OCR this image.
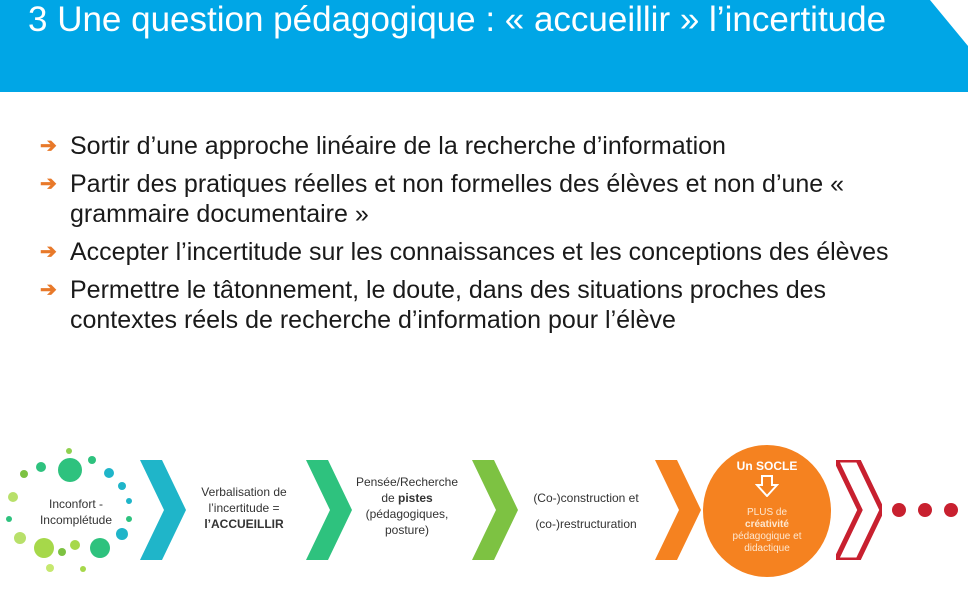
3 Une question pédagogique : « accueillir » l’incertitude
➔ Sortir d’une approche linéaire de la recherche d’information
➔ Partir des pratiques réelles et non formelles des élèves et non d’une « grammaire documentaire »
➔ Accepter l’incertitude sur les connaissances et les conceptions des élèves
➔ Permettre le tâtonnement, le doute, dans des situations proches des contextes réels de recherche d’information pour l’élève
Inconfort -
Incomplétude
Verbalisation de
l’incertitude =
l’ACCUEILLIR
Pensée/Recherche
de pistes
(pédagogiques,
posture)
(Co-)construction et
(co-)restructuration
Un SOCLE
PLUS de
créativité
pédagogique et
didactique
